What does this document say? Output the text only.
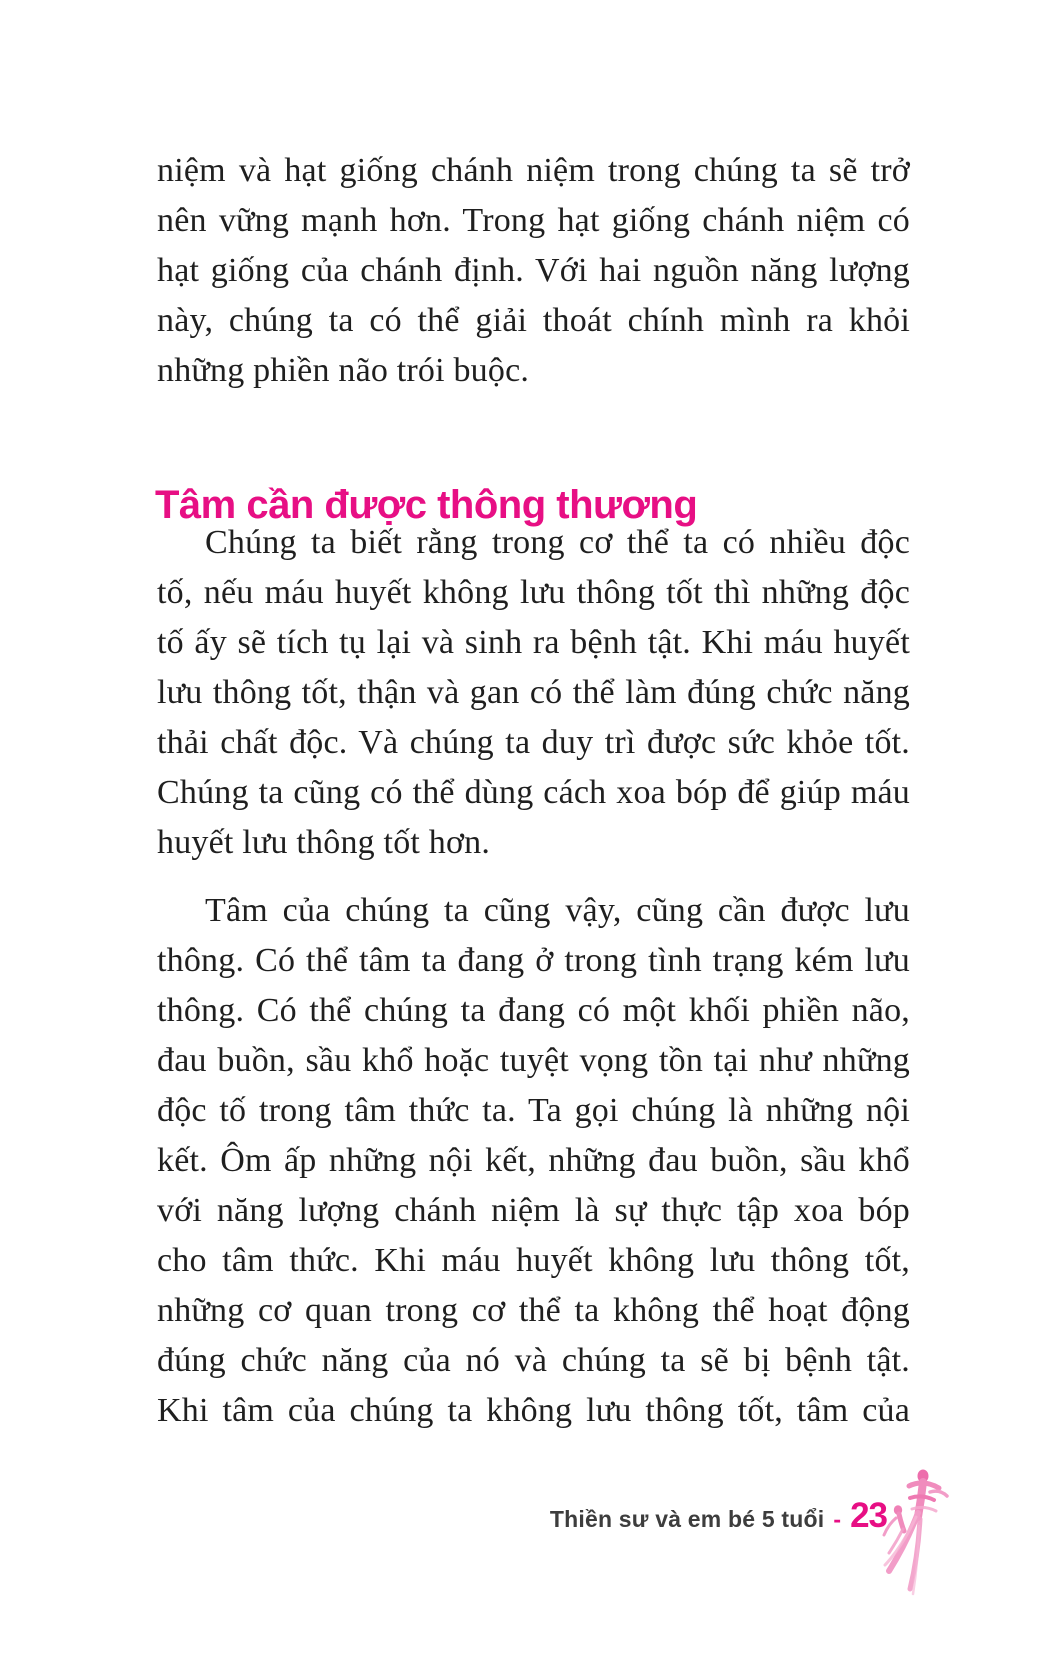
niệm và hạt giống chánh niệm trong chúng ta sẽ trở
nên vững mạnh hơn. Trong hạt giống chánh niệm có
hạt giống của chánh định. Với hai nguồn năng lượng
này, chúng ta có thể giải thoát chính mình ra khỏi
những phiền não trói buộc.
Tâm cần được thông thương
Chúng ta biết rằng trong cơ thể ta có nhiều độc
tố, nếu máu huyết không lưu thông tốt thì những độc
tố ấy sẽ tích tụ lại và sinh ra bệnh tật. Khi máu huyết
lưu thông tốt, thận và gan có thể làm đúng chức năng
thải chất độc. Và chúng ta duy trì được sức khỏe tốt.
Chúng ta cũng có thể dùng cách xoa bóp để giúp máu
huyết lưu thông tốt hơn.
Tâm của chúng ta cũng vậy, cũng cần được lưu
thông. Có thể tâm ta đang ở trong tình trạng kém lưu
thông. Có thể chúng ta đang có một khối phiền não,
đau buồn, sầu khổ hoặc tuyệt vọng tồn tại như những
độc tố trong tâm thức ta. Ta gọi chúng là những nội
kết. Ôm ấp những nội kết, những đau buồn, sầu khổ
với năng lượng chánh niệm là sự thực tập xoa bóp
cho tâm thức. Khi máu huyết không lưu thông tốt,
những cơ quan trong cơ thể ta không thể hoạt động
đúng chức năng của nó và chúng ta sẽ bị bệnh tật.
Khi tâm của chúng ta không lưu thông tốt, tâm của
Thiền sư và em bé 5 tuổi - 23
